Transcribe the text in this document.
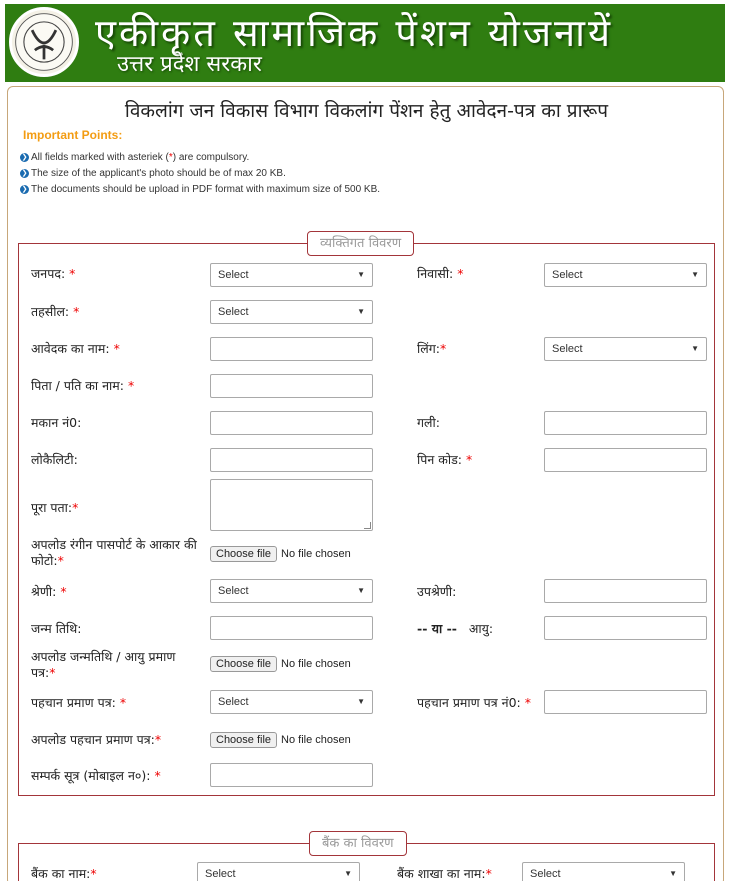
एकीकृत सामाजिक पेंशन योजनायें
उत्तर प्रदेश सरकार
विकलांग जन विकास विभाग विकलांग पेंशन हेतु आवेदन-पत्र का प्रारूप
Important Points:
❯ All fields marked with asteriek ( * ) are compulsory.
❯ The size of the applicant's photo should be of max 20 KB.
❯ The documents should be upload in PDF format with maximum size of 500 KB.
व्यक्तिगत विवरण
जनपद: *	Select	▼	निवासी: *	Select	▼
तहसील: *	Select	▼
आवेदक का नाम: *	लिंग:*	Select	▼
पिता / पति का नाम: *
मकान नं0:	गली:
लोकैलिटी:	पिन कोड: *
पूरा पता:*
अपलोड रंगीन पासपोर्ट के आकार की फोटो:*	Choose file No file chosen
श्रेणी: *	Select	▼	उपश्रेणी:
जन्म तिथि:	-- या -- आयु:
अपलोड जन्मतिथि / आयु प्रमाण पत्र:*
Choose file No file chosen
पहचान प्रमाण पत्र: *	Select	▼	पहचान प्रमाण पत्र नं0: *
अपलोड पहचान प्रमाण पत्र:*	Choose file No file chosen
सम्पर्क सूत्र (मोबाइल न०): *
बैंक का विवरण
बैंक का नाम:*	Select	▼	बैंक शाखा का नाम:*	Select	▼
